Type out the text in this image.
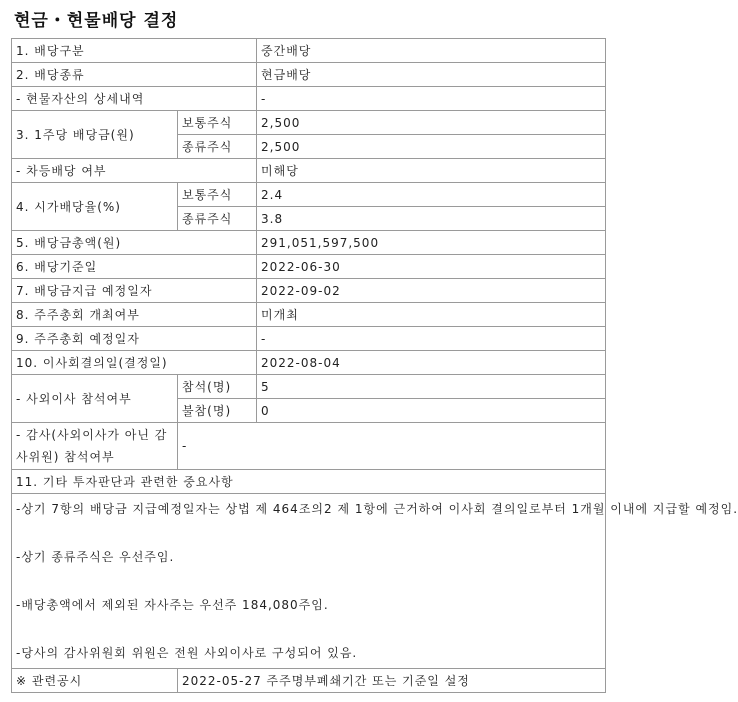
현금・현물배당 결정
1. 배당구분		중간배당
2. 배당종류		현금배당
- 현물자산의 상세내역		-
3. 1주당 배당금(원)	보통주식	2,500
	종류주식	2,500
- 차등배당 여부		미해당
4. 시가배당율(%)	보통주식	2.4
	종류주식	3.8
5. 배당금총액(원)		291,051,597,500
6. 배당기준일		2022-06-30
7. 배당금지급 예정일자		2022-09-02
8. 주주총회 개최여부		미개최
9. 주주총회 예정일자		-
10. 이사회결의일(결정일)		2022-08-04
- 사외이사 참석여부	참석(명)	5
	불참(명)	0
- 감사(사외이사가 아닌 감사위원) 참석여부	-	
11. 기타 투자판단과 관련한 중요사항		

-상기 7항의 배당금 지급예정일자는 상법 제 464조의2 제 1항에 근거하여 이사회 결의일로부터 1개월 이내에 지급할 예정임.

-상기 종류주식은 우선주임.

-배당총액에서 제외된 자사주는 우선주 184,080주임.

-당사의 감사위원회 위원은 전원 사외이사로 구성되어 있음.		

※ 관련공시	2022-05-27 주주명부폐쇄기간 또는 기준일 설정	
